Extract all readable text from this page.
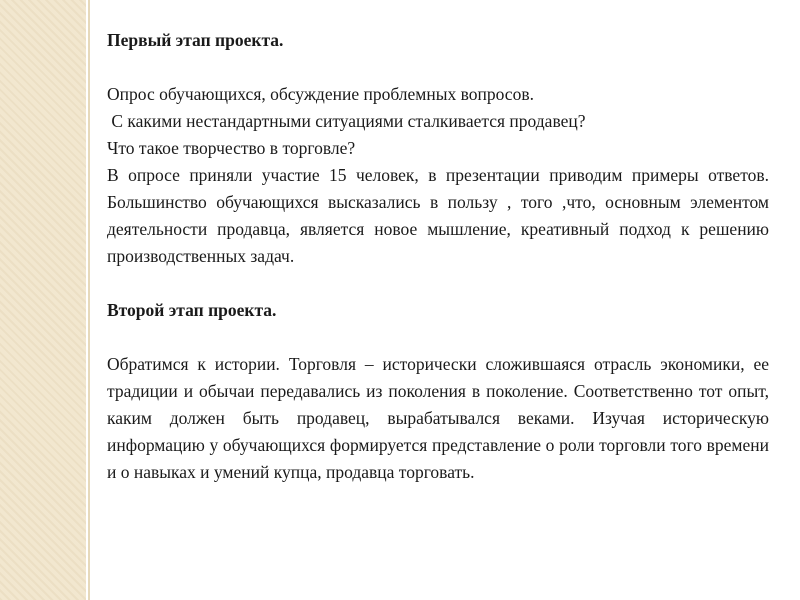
Первый этап проекта.

Опрос обучающихся, обсуждение проблемных вопросов.

С какими нестандартными ситуациями сталкивается продавец?

Что такое творчество в торговле?

В опросе приняли участие 15 человек, в презентации приводим примеры ответов. Большинство обучающихся высказались в пользу , того ,что, основным элементом деятельности продавца, является новое мышление, креативный подход к решению производственных задач.

Второй этап проекта.

Обратимся к истории. Торговля – исторически сложившаяся отрасль экономики, ее традиции и обычаи передавались из поколения в поколение. Соответственно тот опыт, каким должен быть продавец, вырабатывался веками. Изучая историческую информацию у обучающихся формируется представление о роли торговли того времени и о навыках и умений купца, продавца торговать.
